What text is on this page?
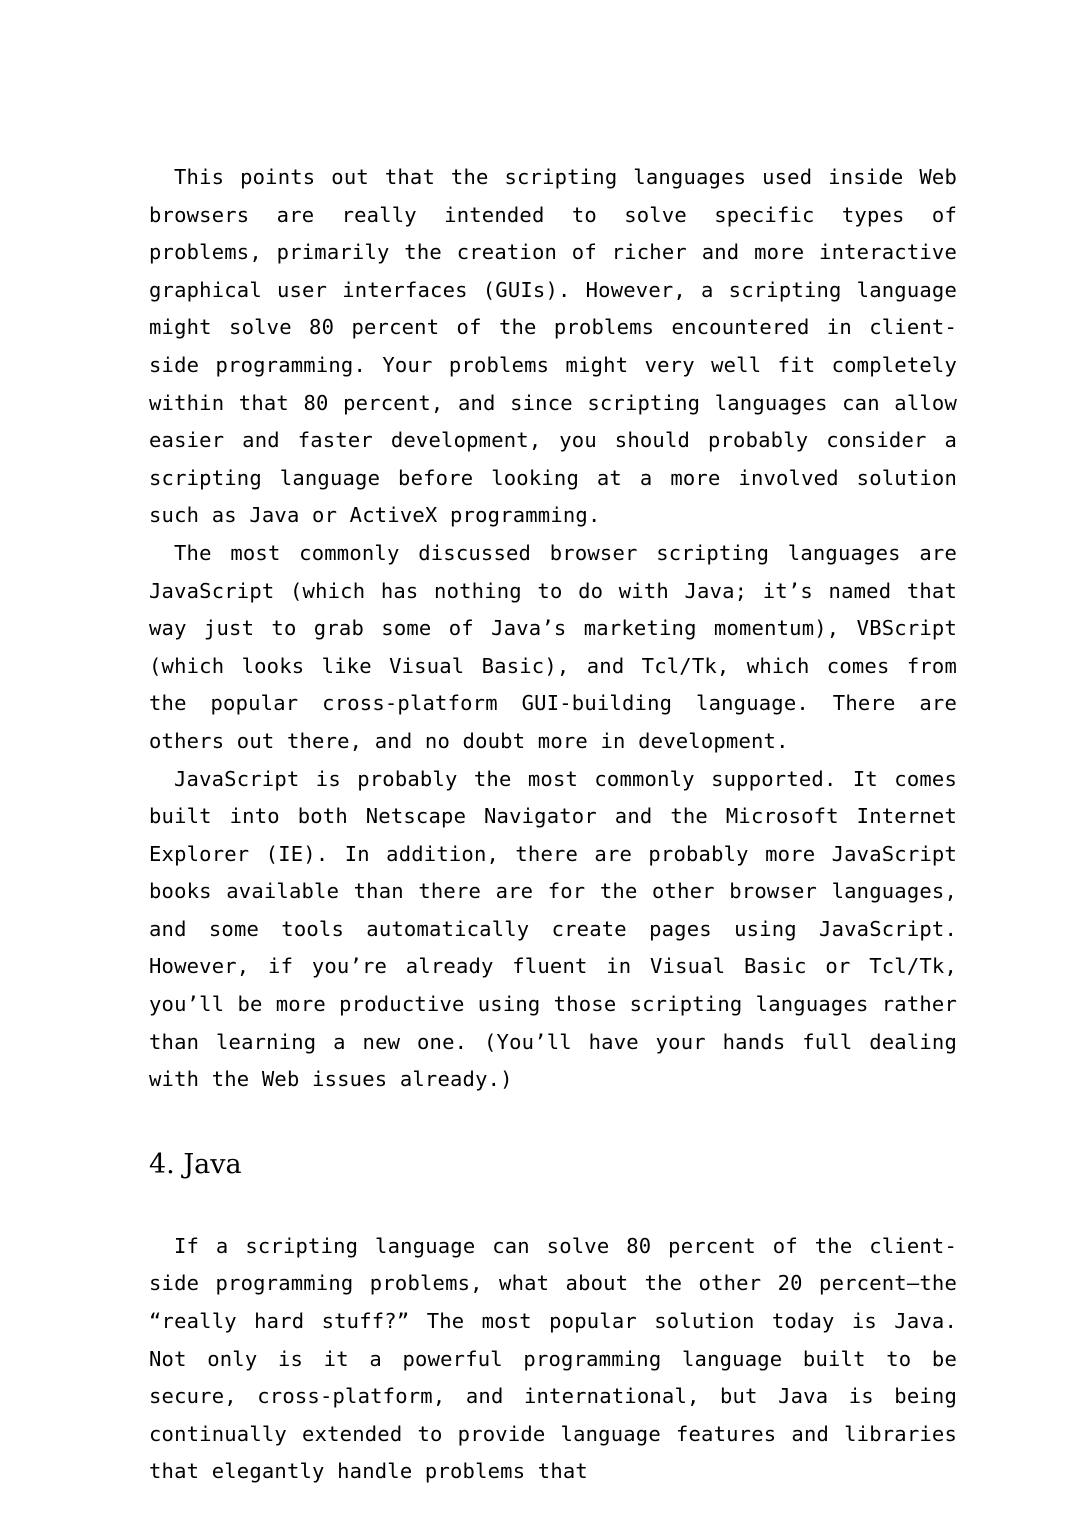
This points out that the scripting languages used inside Web browsers are really intended to solve specific types of problems, primarily the creation of richer and more interactive graphical user interfaces (GUIs). However, a scripting language might solve 80 percent of the problems encountered in client-side programming. Your problems might very well fit completely within that 80 percent, and since scripting languages can allow easier and faster development, you should probably consider a scripting language before looking at a more involved solution such as Java or ActiveX programming.

The most commonly discussed browser scripting languages are JavaScript (which has nothing to do with Java; it’s named that way just to grab some of Java’s marketing momentum), VBScript (which looks like Visual Basic), and Tcl/Tk, which comes from the popular cross-platform GUI-building language. There are others out there, and no doubt more in development.

JavaScript is probably the most commonly supported. It comes built into both Netscape Navigator and the Microsoft Internet Explorer (IE). In addition, there are probably more JavaScript books available than there are for the other browser languages, and some tools automatically create pages using JavaScript. However, if you’re already fluent in Visual Basic or Tcl/Tk, you’ll be more productive using those scripting languages rather than learning a new one. (You’ll have your hands full dealing with the Web issues already.)

4. Java

If a scripting language can solve 80 percent of the client-side programming problems, what about the other 20 percent—the “really hard stuff?” The most popular solution today is Java. Not only is it a powerful programming language built to be secure, cross-platform, and international, but Java is being continually extended to provide language features and libraries that elegantly handle problems that
